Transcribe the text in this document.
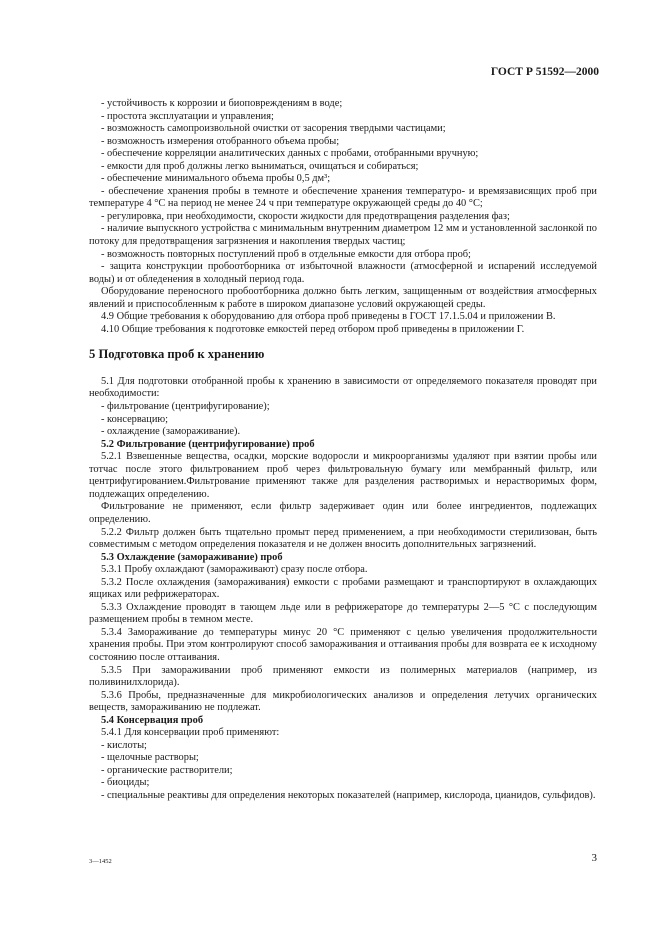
ГОСТ Р 51592—2000

- устойчивость к коррозии и биоповреждениям в воде;

- простота эксплуатации и управления;

- возможность самопроизвольной очистки от засорения твердыми частицами;

- возможность измерения отобранного объема пробы;

- обеспечение корреляции аналитических данных с пробами, отобранными вручную;

- емкости для проб должны легко выниматься, очищаться и собираться;

- обеспечение минимального объема пробы 0,5 дм³;

- обеспечение хранения пробы в темноте и обеспечение хранения температуро- и времязависящих проб при температуре 4 °С на период не менее 24 ч при температуре окружающей среды до 40 °С;

- регулировка, при необходимости, скорости жидкости для предотвращения разделения фаз;

- наличие выпускного устройства с минимальным внутренним диаметром 12 мм и установленной заслонкой по потоку для предотвращения загрязнения и накопления твердых частиц;

- возможность повторных поступлений проб в отдельные емкости для отбора проб;

- защита конструкции пробоотборника от избыточной влажности (атмосферной и испарений исследуемой воды) и от обледенения в холодный период года.

Оборудование переносного пробоотборника должно быть легким, защищенным от воздействия атмосферных явлений и приспособленным к работе в широком диапазоне условий окружающей среды.

4.9 Общие требования к оборудованию для отбора проб приведены в ГОСТ 17.1.5.04 и приложении В.

4.10 Общие требования к подготовке емкостей перед отбором проб приведены в приложении Г.

5 Подготовка проб к хранению

5.1 Для подготовки отобранной пробы к хранению в зависимости от определяемого показателя проводят при необходимости:

- фильтрование (центрифугирование);

- консервацию;

- охлаждение (замораживание).

5.2 Фильтрование (центрифугирование) проб

5.2.1 Взвешенные вещества, осадки, морские водоросли и микроорганизмы удаляют при взятии пробы или тотчас после этого фильтрованием проб через фильтровальную бумагу или мембранный фильтр, или центрифугированием.Фильтрование применяют также для разделения растворимых и нерастворимых форм, подлежащих определению.

Фильтрование не применяют, если фильтр задерживает один или более ингредиентов, подлежащих определению.

5.2.2 Фильтр должен быть тщательно промыт перед применением, а при необходимости стерилизован, быть совместимым с методом определения показателя и не должен вносить дополнительных загрязнений.

5.3 Охлаждение (замораживание) проб

5.3.1 Пробу охлаждают (замораживают) сразу после отбора.

5.3.2 После охлаждения (замораживания) емкости с пробами размещают и транспортируют в охлаждающих ящиках или рефрижераторах.

5.3.3 Охлаждение проводят в тающем льде или в рефрижераторе до температуры 2—5 °С с последующим размещением пробы в темном месте.

5.3.4 Замораживание до температуры минус 20 °С применяют с целью увеличения продолжительности хранения пробы. При этом контролируют способ замораживания и оттаивания пробы для возврата ее к исходному состоянию после оттаивания.

5.3.5 При замораживании проб применяют емкости из полимерных материалов (например, из поливинилхлорида).

5.3.6 Пробы, предназначенные для микробиологических анализов и определения летучих органических веществ, замораживанию не подлежат.

5.4 Консервация проб

5.4.1 Для консервации проб применяют:

- кислоты;

- щелочные растворы;

- органические растворители;

- биоциды;

- специальные реактивы для определения некоторых показателей (например, кислорода, цианидов, сульфидов).

3—1452	3
